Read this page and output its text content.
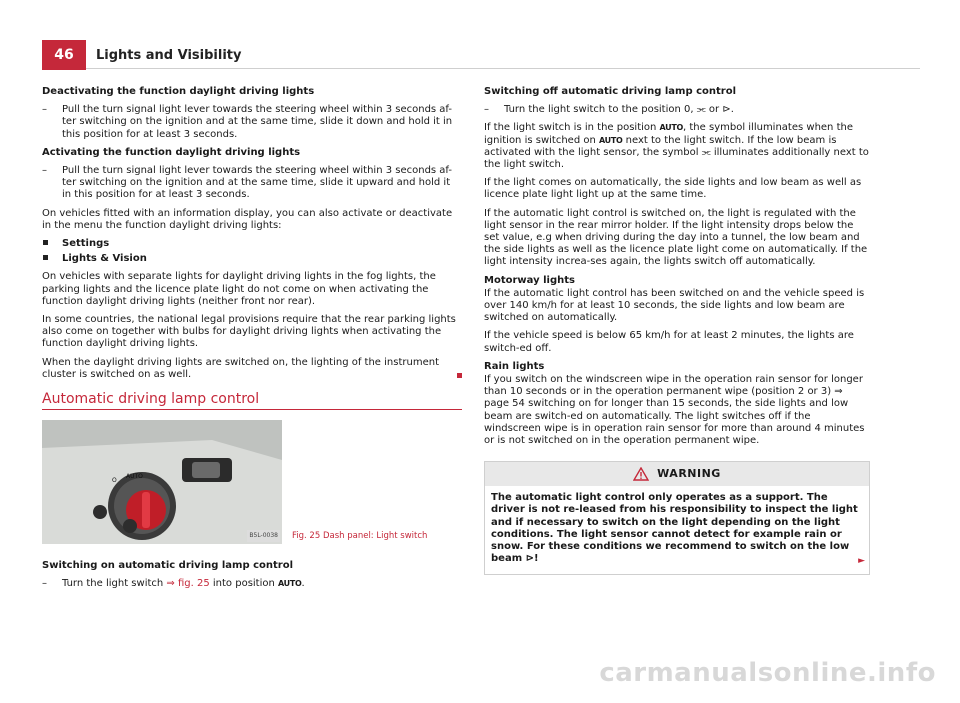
46	Lights and Visibility

Deactivating the function daylight driving lights

–	Pull the turn signal light lever towards the steering wheel within 3 seconds af-ter switching on the ignition and at the same time, slide it down and hold it in this position for at least 3 seconds.

Activating the function daylight driving lights

–	Pull the turn signal light lever towards the steering wheel within 3 seconds af-ter switching on the ignition and at the same time, slide it upward and hold it in this position for at least 3 seconds.

On vehicles fitted with an information display, you can also activate or deactivate in the menu the function daylight driving lights:

Settings
Lights & Vision

On vehicles with separate lights for daylight driving lights in the fog lights, the parking lights and the licence plate light do not come on when activating the function daylight driving lights (neither front nor rear).

In some countries, the national legal provisions require that the rear parking lights also come on together with bulbs for daylight driving lights when activating the function daylight driving lights.

When the daylight driving lights are switched on, the lighting of the instrument cluster is switched on as well.

Automatic driving lamp control
AUTO
O
B5L-0038 Fig. 25 Dash panel: Light switch

Switching on automatic driving lamp control

–	Turn the light switch ⇒ fig. 25 into position AUTO.

Switching off automatic driving lamp control

–	Turn the light switch to the position 0, ⫘ or ⊳.

If the light switch is in the position AUTO, the symbol illuminates when the ignition is switched on AUTO next to the light switch. If the low beam is activated with the light sensor, the symbol ⫘ illuminates additionally next to the light switch.

If the light comes on automatically, the side lights and low beam as well as licence plate light light up at the same time.

If the automatic light control is switched on, the light is regulated with the light sensor in the rear mirror holder. If the light intensity drops below the set value, e.g when driving during the day into a tunnel, the low beam and the side lights as well as the licence plate light come on automatically. If the light intensity increa-ses again, the lights switch off automatically.

Motorway lights

If the automatic light control has been switched on and the vehicle speed is over 140 km/h for at least 10 seconds, the side lights and low beam are switched on automatically.

If the vehicle speed is below 65 km/h for at least 2 minutes, the lights are switch-ed off.

Rain lights

If you switch on the windscreen wipe in the operation rain sensor for longer than 10 seconds or in the operation permanent wipe (position 2 or 3) ⇒ page 54 switching on for longer than 15 seconds, the side lights and low beam are switch-ed on automatically. The light switches off if the windscreen wipe is in operation rain sensor for more than around 4 minutes or is not switched on in the operation permanent wipe.

WARNING
The automatic light control only operates as a support. The driver is not re-leased from his responsibility to inspect the light and if necessary to switch on the light depending on the light conditions. The light sensor cannot detect for example rain or snow. For these conditions we recommend to switch on the low beam ⊳!	►
carmanualsonline.info
